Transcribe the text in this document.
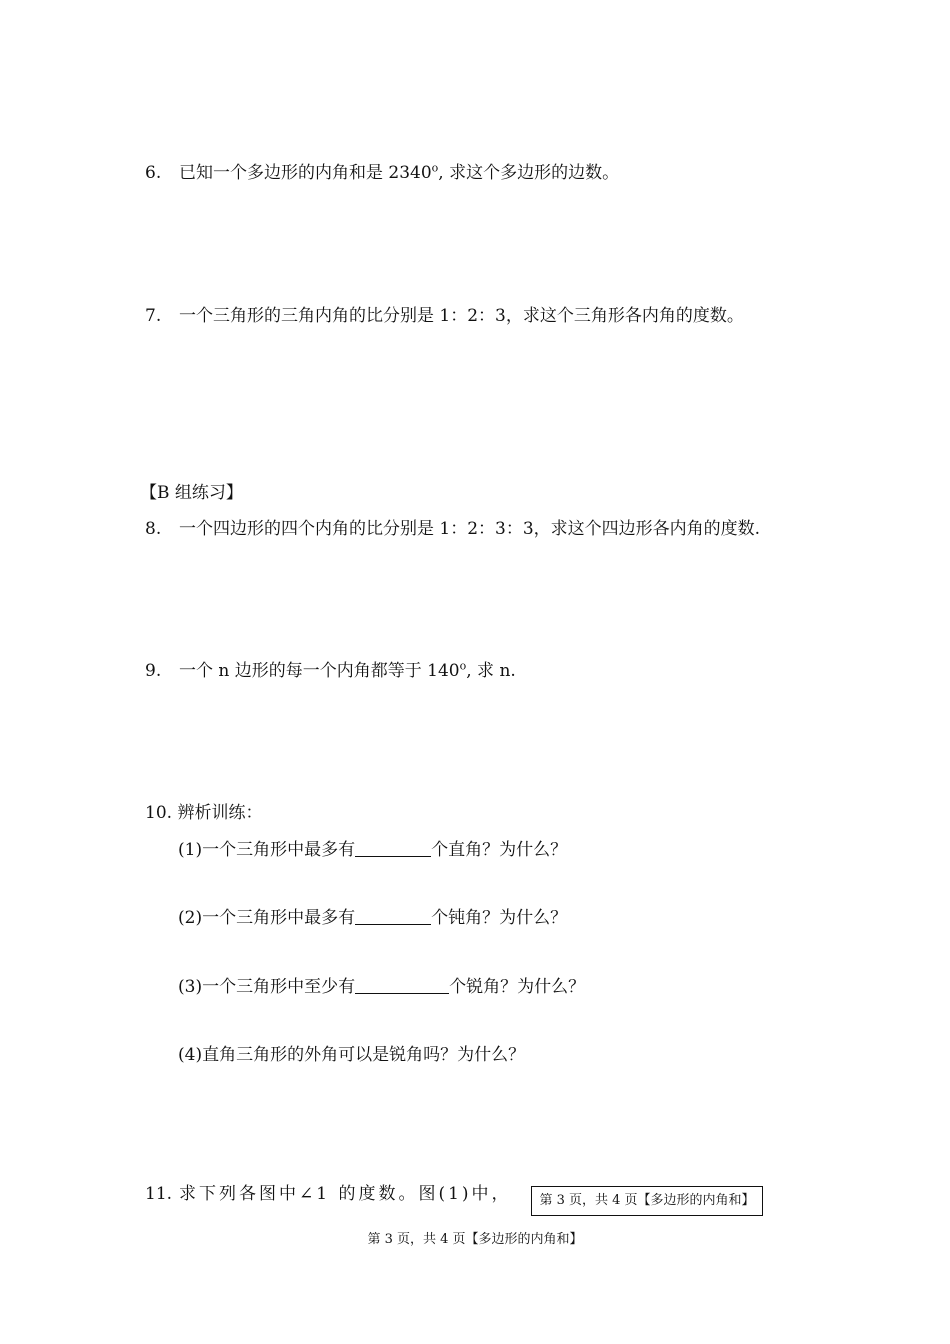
6. 已知一个多边形的内角和是 2340$^o$, 求这个多边形的边数。
7. 一个三角形的三角内角的比分别是 1：2：3，求这个三角形各内角的度数。
【B 组练习】
8. 一个四边形的四个内角的比分别是 1：2：3：3，求这个四边形各内角的度数.
9. 一个 n 边形的每一个内角都等于 140$^o$, 求 n.
10. 辨析训练：
(1)一个三角形中最多有	个直角？为什么？
(2)一个三角形中最多有	个钝角？为什么？
(3)一个三角形中至少有	个锐角？为什么？
(4)直角三角形的外角可以是锐角吗？为什么？
11. 求下列各图中∠1 的度数。图(1)中，	第 3 页，共 4 页【多边形的内角和】
第 3 页，共 4 页【多边形的内角和】
